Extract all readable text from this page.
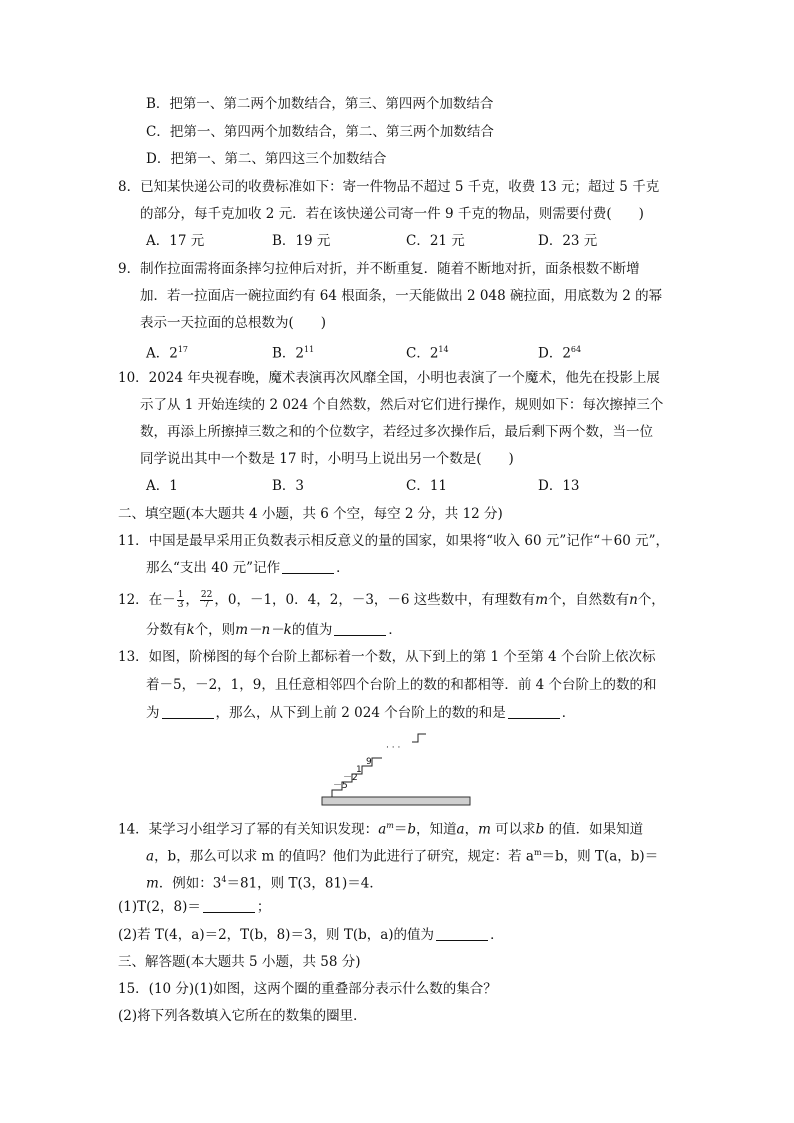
B．把第一、第二两个加数结合，第三、第四两个加数结合
C．把第一、第四两个加数结合，第二、第三两个加数结合
D．把第一、第二、第四这三个加数结合
8．已知某快递公司的收费标准如下：寄一件物品不超过 5 千克，收费 13 元；超过 5 千克
的部分，每千克加收 2 元．若在该快递公司寄一件 9 千克的物品，则需要付费(　　)
A．17 元	B．19 元	C．21 元	D．23 元
9．制作拉面需将面条摔匀拉伸后对折，并不断重复．随着不断地对折，面条根数不断增
加．若一拉面店一碗拉面约有 64 根面条，一天能做出 2 048 碗拉面，用底数为 2 的幂
表示一天拉面的总根数为(　　)
A．$2^{17}$	B．$2^{11}$	C．$2^{14}$	D．$2^{64}$
10．2024 年央视春晚，魔术表演再次风靡全国，小明也表演了一个魔术，他先在投影上展
示了从 1 开始连续的 2 024 个自然数，然后对它们进行操作，规则如下：每次擦掉三个
数，再添上所擦掉三数之和的个位数字，若经过多次操作后，最后剩下两个数，当一位
同学说出其中一个数是 17 时，小明马上说出另一个数是(　　)
A．1	B．3	C．11	D．13
二、填空题(本大题共 4 小题，共 6 个空，每空 2 分，共 12 分)
11．中国是最早采用正负数表示相反意义的量的国家，如果将“收入 60 元”记作“＋60 元”，
那么“支出 40 元”记作	．
12．在－ $\frac{1}{3}$ ， $\frac{22}{7}$ ，0，－1，0．4，2，－3，－6 这些数中，有理数有m个，自然数有n个，
分数有k个，则m－n－k的值为	．
13．如图，阶梯图的每个台阶上都标着一个数，从下到上的第 1 个至第 4 个台阶上依次标
着－5，－2，1，9，且任意相邻四个台阶上的数的和都相等．前 4 个台阶上的数的和
为	，那么，从下到上前 2 024 个台阶上的数的和是	．
－5
－2
1
9
· · ·
14．某学习小组学习了幂的有关知识发现：$a^m=b$，知道a，m 可以求b 的值．如果知道
a，b，那么可以求 m 的值吗？他们为此进行了研究，规定：若 $a^m=b$，则 T(a，b)＝
m．例如：$3^4=81$，则 T(3，81)＝4．
(1)T(2，8)＝	；
(2)若 T(4，a)＝2，T(b，8)＝3，则 T(b，a)的值为	．
三、解答题(本大题共 5 小题，共 58 分)
15．(10 分)(1)如图，这两个圈的重叠部分表示什么数的集合？
(2)将下列各数填入它所在的数集的圈里．
